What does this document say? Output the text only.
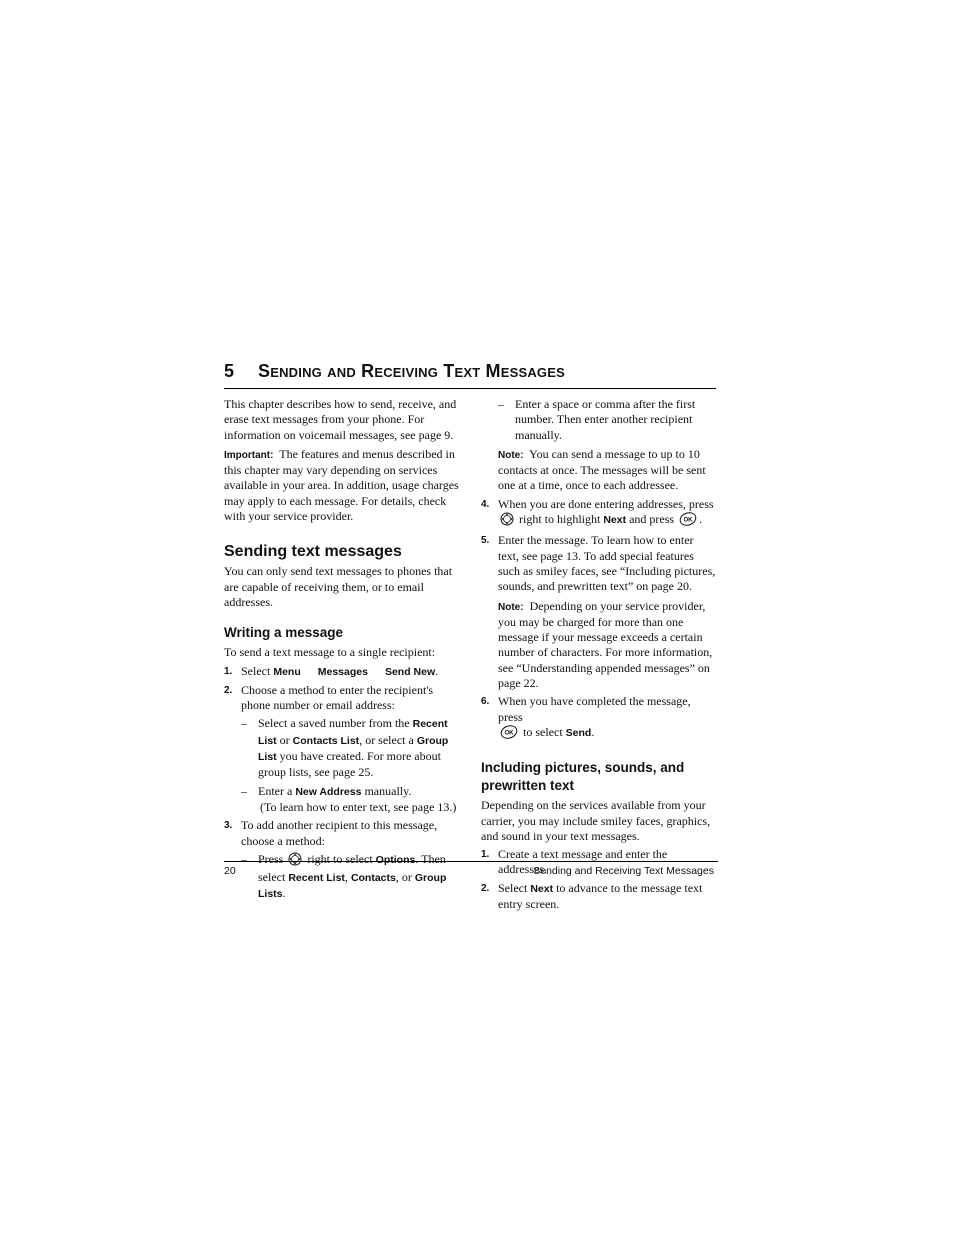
5 Sending and Receiving Text Messages

This chapter describes how to send, receive, and erase text messages from your phone. For information on voicemail messages, see page 9.

Important: The features and menus described in this chapter may vary depending on services available in your area. In addition, usage charges may apply to each message. For details, check with your service provider.

Sending text messages

You can only send text messages to phones that are capable of receiving them, or to email addresses.

Writing a message

To send a text message to a single recipient:

1. Select Menu Messages Send New.
2. Choose a method to enter the recipient's phone number or email address:
– Select a saved number from the Recent List or Contacts List, or select a Group List you have created. For more about group lists, see page 25.
– Enter a New Address manually.
(To learn how to enter text, see page 13.)
3. To add another recipient to this message, choose a method:
– Press  right to select Options. Then select Recent List, Contacts, or Group Lists.
– Enter a space or comma after the first number. Then enter another recipient manually.
Note: You can send a message to up to 10 contacts at once. The messages will be sent one at a time, once to each addressee.
4. When you are done entering addresses, press  right to highlight Next and press OK .
5. Enter the message. To learn how to enter text, see page 13. To add special features such as smiley faces, see “Including pictures, sounds, and prewritten text” on page 20.
Note: Depending on your service provider, you may be charged for more than one message if your message exceeds a certain number of characters. For more information, see “Understanding appended messages” on page 22.
6. When you have completed the message, press

OK to select Send.
Including pictures, sounds, and prewritten text

Depending on the services available from your carrier, you may include smiley faces, graphics, and sound in your text messages.

1. Create a text message and enter the addresses.
2. Select Next to advance to the message text entry screen.
20	Sending and Receiving Text Messages
